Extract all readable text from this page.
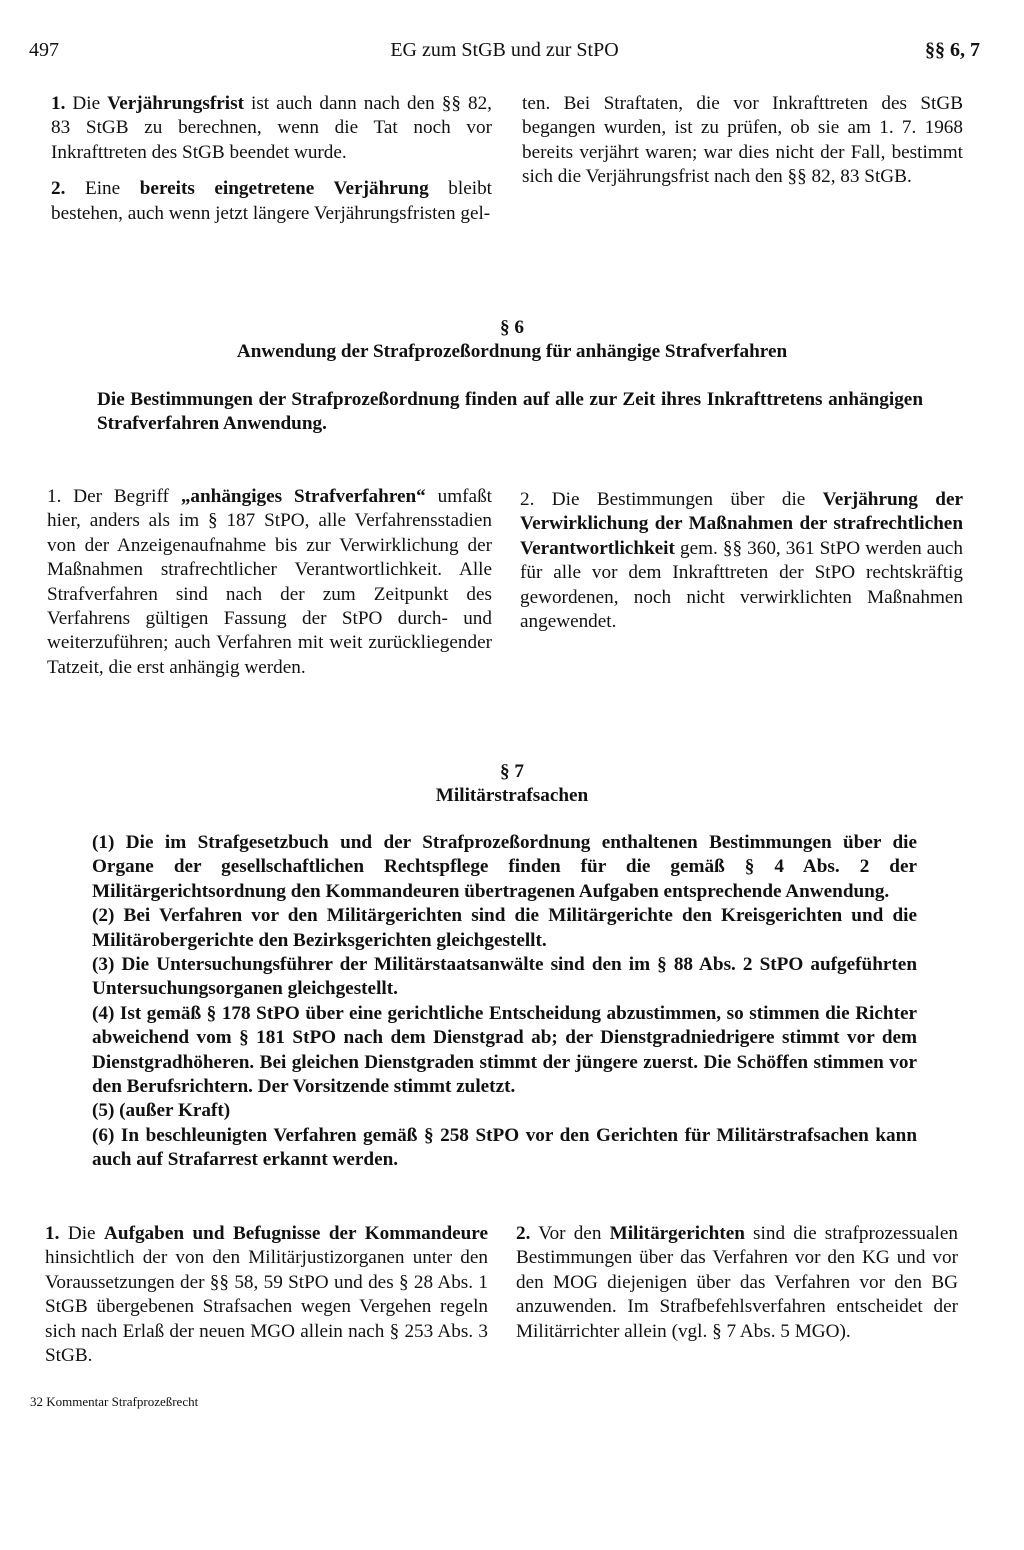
497	EG zum StGB und zur StPO	§§ 6, 7

1. Die Verjährungsfrist ist auch dann nach den §§ 82, 83 StGB zu berechnen, wenn die Tat noch vor Inkrafttreten des StGB beendet wurde.

2. Eine bereits eingetretene Verjährung bleibt bestehen, auch wenn jetzt längere Verjährungsfristen gel-

ten. Bei Straftaten, die vor Inkrafttreten des StGB begangen wurden, ist zu prüfen, ob sie am 1. 7. 1968 bereits verjährt waren; war dies nicht der Fall, bestimmt sich die Verjährungsfrist nach den §§ 82, 83 StGB.

§ 6
Anwendung der Strafprozeßordnung für anhängige Strafverfahren
Die Bestimmungen der Strafprozeßordnung finden auf alle zur Zeit ihres Inkrafttretens anhängigen Strafverfahren Anwendung.

1. Der Begriff „anhängiges Strafverfahren“ umfaßt hier, anders als im § 187 StPO, alle Verfahrensstadien von der Anzeigenaufnahme bis zur Verwirklichung der Maßnahmen strafrechtlicher Verantwortlichkeit. Alle Strafverfahren sind nach der zum Zeitpunkt des Verfahrens gültigen Fassung der StPO durch- und weiterzuführen; auch Verfahren mit weit zurückliegender Tatzeit, die erst anhängig werden.

2. Die Bestimmungen über die Verjährung der Verwirklichung der Maßnahmen der strafrechtlichen Verantwortlichkeit gem. §§ 360, 361 StPO werden auch für alle vor dem Inkrafttreten der StPO rechtskräftig gewordenen, noch nicht verwirklichten Maßnahmen angewendet.

§ 7
Militärstrafsachen

(1) Die im Strafgesetzbuch und der Strafprozeßordnung enthaltenen Bestimmungen über die Organe der gesellschaftlichen Rechtspflege finden für die gemäß § 4 Abs. 2 der Militärgerichtsordnung den Kommandeuren übertragenen Aufgaben entsprechende Anwendung.

(2) Bei Verfahren vor den Militärgerichten sind die Militärgerichte den Kreisgerichten und die Militärobergerichte den Bezirksgerichten gleichgestellt.

(3) Die Untersuchungsführer der Militärstaatsanwälte sind den im § 88 Abs. 2 StPO aufgeführten Untersuchungsorganen gleichgestellt.

(4) Ist gemäß § 178 StPO über eine gerichtliche Entscheidung abzustimmen, so stimmen die Richter abweichend vom § 181 StPO nach dem Dienstgrad ab; der Dienstgradniedrigere stimmt vor dem Dienstgradhöheren. Bei gleichen Dienstgraden stimmt der jüngere zuerst. Die Schöffen stimmen vor den Berufsrichtern. Der Vorsitzende stimmt zuletzt.

(5) (außer Kraft)

(6) In beschleunigten Verfahren gemäß § 258 StPO vor den Gerichten für Militärstrafsachen kann auch auf Strafarrest erkannt werden.

1. Die Aufgaben und Befugnisse der Kommandeure hinsichtlich der von den Militärjustizorganen unter den Voraussetzungen der §§ 58, 59 StPO und des § 28 Abs. 1 StGB übergebenen Strafsachen wegen Vergehen regeln sich nach Erlaß der neuen MGO allein nach § 253 Abs. 3 StGB.

2. Vor den Militärgerichten sind die strafprozessualen Bestimmungen über das Verfahren vor den KG und vor den MOG diejenigen über das Verfahren vor den BG anzuwenden. Im Strafbefehlsverfahren entscheidet der Militärrichter allein (vgl. § 7 Abs. 5 MGO).

32 Kommentar Strafprozeßrecht
